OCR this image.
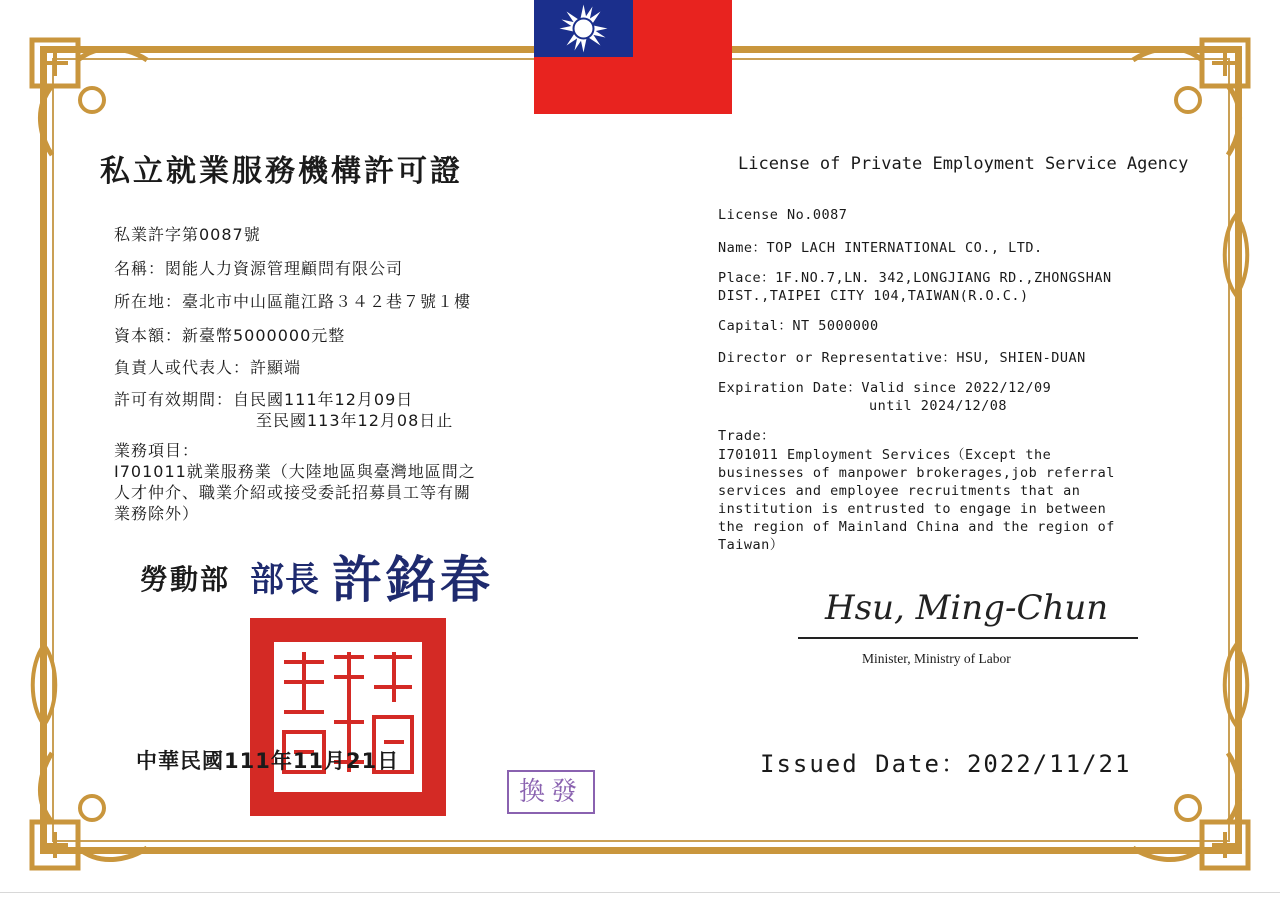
私立就業服務機構許可證
私業許字第0087號
名稱：閎能人力資源管理顧問有限公司
所在地：臺北市中山區龍江路３４２巷７號１樓
資本額：新臺幣5000000元整
負責人或代表人：許顯端
許可有效期間：自民國111年12月09日
至民國113年12月08日止
業務項目：
I701011就業服務業（大陸地區與臺灣地區間之
人才仲介、職業介紹或接受委託招募員工等有關
業務除外）
勞動部 部長 許銘春
中華民國111年11月21日
換發
License of Private Employment Service Agency
License No.0087
Name：TOP LACH INTERNATIONAL CO., LTD.
Place：1F.NO.7,LN. 342,LONGJIANG RD.,ZHONGSHAN
DIST.,TAIPEI CITY 104,TAIWAN(R.O.C.)
Capital：NT 5000000
Director or Representative：HSU, SHIEN-DUAN
Expiration Date：Valid since 2022/12/09
until 2024/12/08
Trade：
I701011 Employment Services（Except the
businesses of manpower brokerages,job referral
services and employee recruitments that an
institution is entrusted to engage in between
the region of Mainland China and the region of
Taiwan）
Hsu, Ming-Chun
Minister, Ministry of Labor
Issued Date：2022/11/21
